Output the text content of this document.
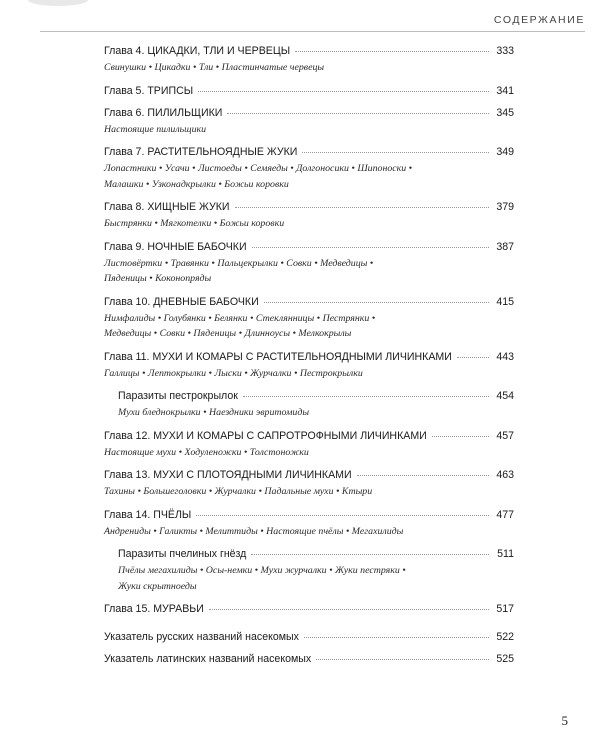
СОДЕРЖАНИЕ
Глава 4. ЦИКАДКИ, ТЛИ И ЧЕРВЕЦЫ	333
Свинушки • Цикадки • Тли • Пластинчатые червецы
Глава 5. ТРИПСЫ	341
Глава 6. ПИЛИЛЬЩИКИ	345
Настоящие пилильщики
Глава 7. РАСТИТЕЛЬНОЯДНЫЕ ЖУКИ	349
Лопастники • Усачи • Листоеды • Семяеды • Долгоносики • Шипоноски •
Малашки • Узконадкрылки • Божьи коровки
Глава 8. ХИЩНЫЕ ЖУКИ	379
Быстрянки • Мягкотелки • Божьи коровки
Глава 9. НОЧНЫЕ БАБОЧКИ	387
Листовёртки • Травянки • Пальцекрылки • Совки • Медведицы •
Пяденицы • Коконопряды
Глава 10. ДНЕВНЫЕ БАБОЧКИ	415
Нимфалиды • Голубянки • Белянки • Стеклянницы • Пестрянки •
Медведицы • Совки • Пяденицы • Длинноусы • Мелкокрылы
Глава 11. МУХИ И КОМАРЫ С РАСТИТЕЛЬНОЯДНЫМИ ЛИЧИНКАМИ	443
Галлицы • Лептокрылки • Лыски • Журчалки • Пестрокрылки
Паразиты пестрокрылок	454
Мухи бледнокрылки • Наездники эвритомиды
Глава 12. МУХИ И КОМАРЫ С САПРОТРОФНЫМИ ЛИЧИНКАМИ	457
Настоящие мухи • Ходуленожки • Толстоножки
Глава 13. МУХИ С ПЛОТОЯДНЫМИ ЛИЧИНКАМИ	463
Тахины • Большеголовки • Журчалки • Падальные мухи • Ктыри
Глава 14. ПЧЁЛЫ	477
Андрениды • Галикты • Мелиттиды • Настоящие пчёлы • Мегахилиды
Паразиты пчелиных гнёзд	511
Пчёлы мегахилиды • Осы-немки • Мухи журчалки • Жуки пестряки •
Жуки скрытноеды
Глава 15. МУРАВЬИ	517
Указатель русских названий насекомых	522
Указатель латинских названий насекомых	525
5
